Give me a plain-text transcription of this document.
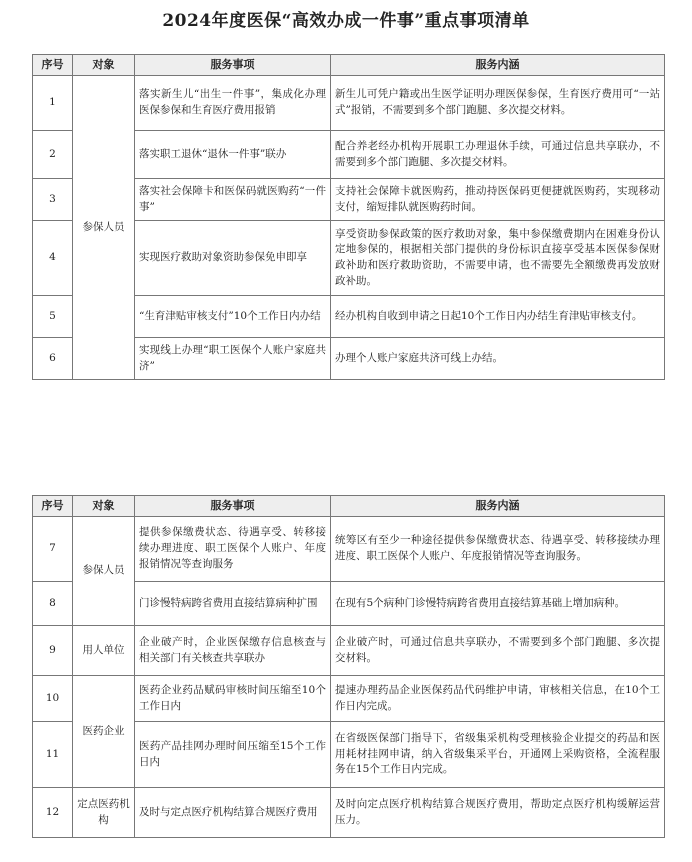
2024年度医保“高效办成一件事”重点事项清单
序号	对象	服务事项	服务内涵
1	参保人员	落实新生儿“出生一件事”，集成化办理医保参保和生育医疗费用报销	新生儿可凭户籍或出生医学证明办理医保参保，生育医疗费用可“一站式”报销，不需要到多个部门跑腿、多次提交材料。
2		落实职工退休“退休一件事”联办	配合养老经办机构开展职工办理退休手续，可通过信息共享联办，不需要到多个部门跑腿、多次提交材料。
3		落实社会保障卡和医保码就医购药“一件事”	支持社会保障卡就医购药，推动持医保码更便捷就医购药，实现移动支付，缩短排队就医购药时间。
4		实现医疗救助对象资助参保免申即享	享受资助参保政策的医疗救助对象，集中参保缴费期内在困难身份认定地参保的，根据相关部门提供的身份标识直接享受基本医保参保财政补助和医疗救助资助，不需要申请，也不需要先全额缴费再发放财政补助。
5		“生育津贴审核支付”10个工作日内办结	经办机构自收到申请之日起10个工作日内办结生育津贴审核支付。
6		实现线上办理“职工医保个人账户家庭共济”	办理个人账户家庭共济可线上办结。
序号	对象	服务事项	服务内涵
7	参保人员	提供参保缴费状态、待遇享受、转移接续办理进度、职工医保个人账户、年度报销情况等查询服务	统筹区有至少一种途径提供参保缴费状态、待遇享受、转移接续办理进度、职工医保个人账户、年度报销情况等查询服务。
8		门诊慢特病跨省费用直接结算病种扩围	在现有5个病种门诊慢特病跨省费用直接结算基础上增加病种。
9	用人单位	企业破产时，企业医保缴存信息核查与相关部门有关核查共享联办	企业破产时，可通过信息共享联办，不需要到多个部门跑腿、多次提交材料。
10	医药企业	医药企业药品赋码审核时间压缩至10个工作日内	提速办理药品企业医保药品代码维护申请，审核相关信息，在10个工作日内完成。
11		医药产品挂网办理时间压缩至15个工作日内	在省级医保部门指导下，省级集采机构受理核验企业提交的药品和医用耗材挂网申请，纳入省级集采平台，开通网上采购资格，全流程服务在15个工作日内完成。
12	定点医药机构	及时与定点医疗机构结算合规医疗费用	及时向定点医疗机构结算合规医疗费用，帮助定点医疗机构缓解运营压力。
